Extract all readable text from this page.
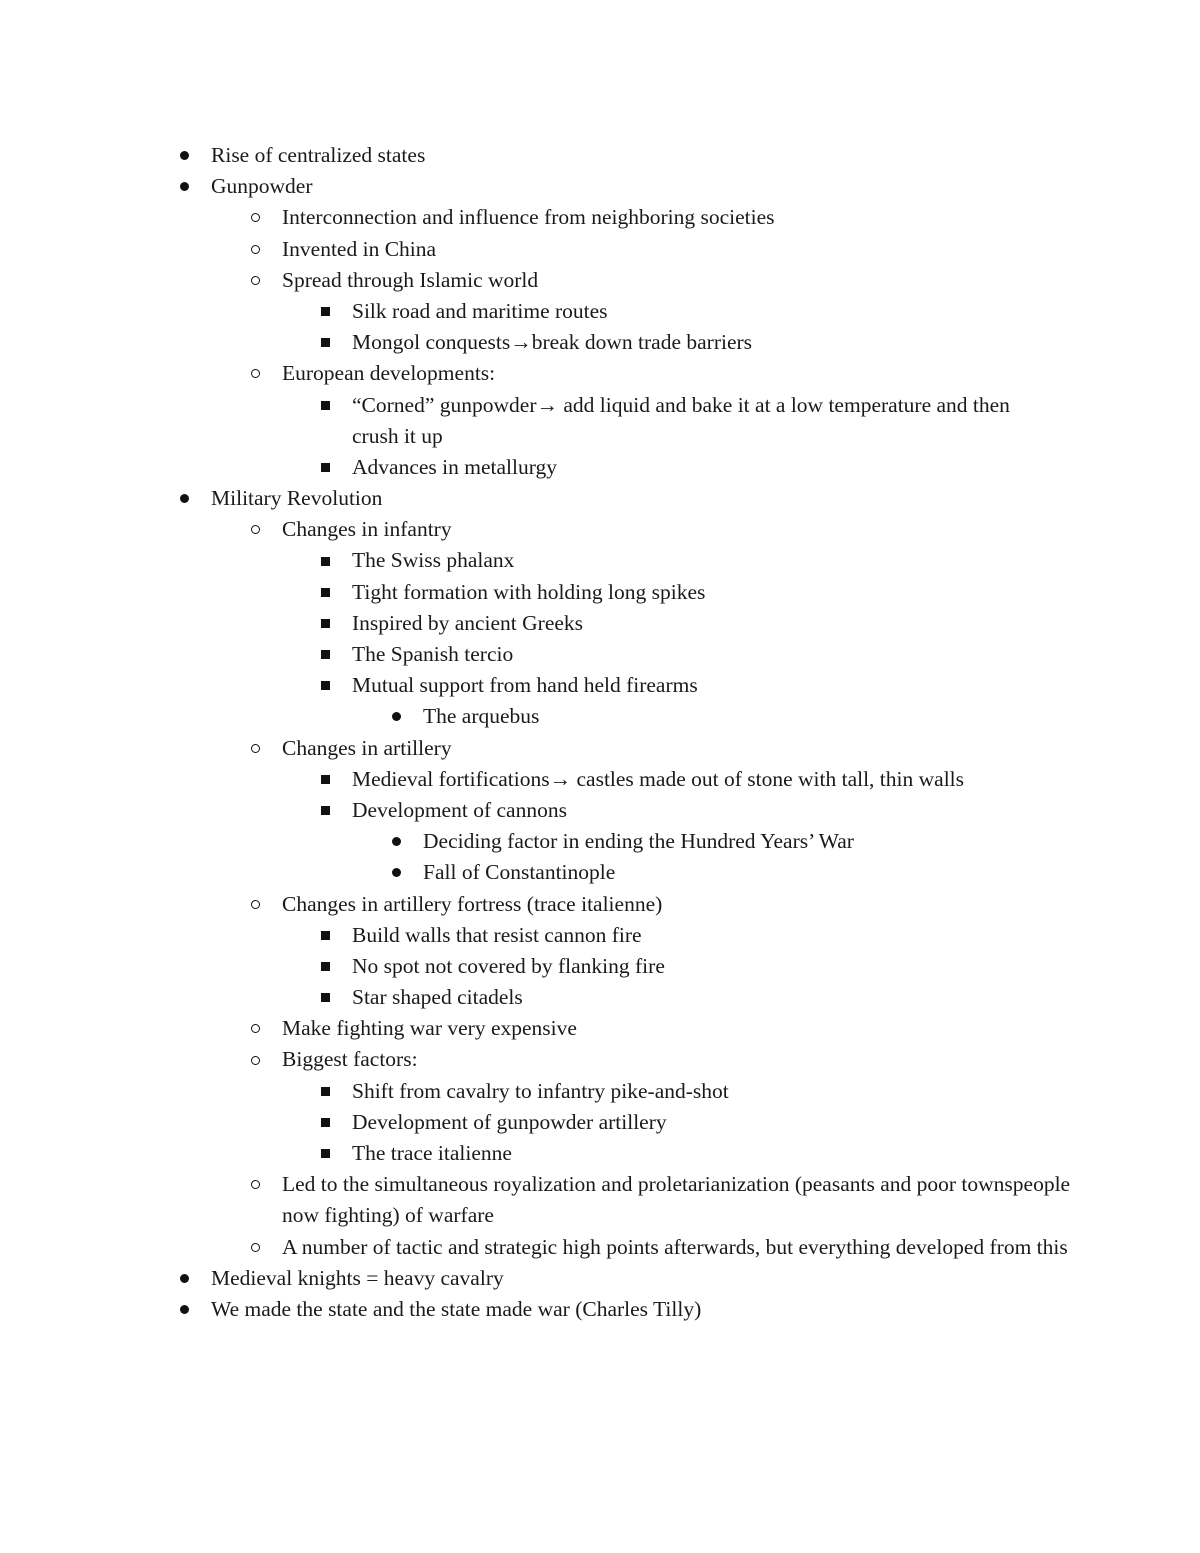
Rise of centralized states
Gunpowder
Interconnection and influence from neighboring societies
Invented in China
Spread through Islamic world
Silk road and maritime routes
Mongol conquests→break down trade barriers
European developments:
“Corned” gunpowder→ add liquid and bake it at a low temperature and then crush it up
Advances in metallurgy
Military Revolution
Changes in infantry
The Swiss phalanx
Tight formation with holding long spikes
Inspired by ancient Greeks
The Spanish tercio
Mutual support from hand held firearms
The arquebus
Changes in artillery
Medieval fortifications→ castles made out of stone with tall, thin walls
Development of cannons
Deciding factor in ending the Hundred Years’ War
Fall of Constantinople
Changes in artillery fortress (trace italienne)
Build walls that resist cannon fire
No spot not covered by flanking fire
Star shaped citadels
Make fighting war very expensive
Biggest factors:
Shift from cavalry to infantry pike-and-shot
Development of gunpowder artillery
The trace italienne
Led to the simultaneous royalization and proletarianization (peasants and poor townspeople now fighting) of warfare
A number of tactic and strategic high points afterwards, but everything developed from this
Medieval knights = heavy cavalry
We made the state and the state made war (Charles Tilly)
